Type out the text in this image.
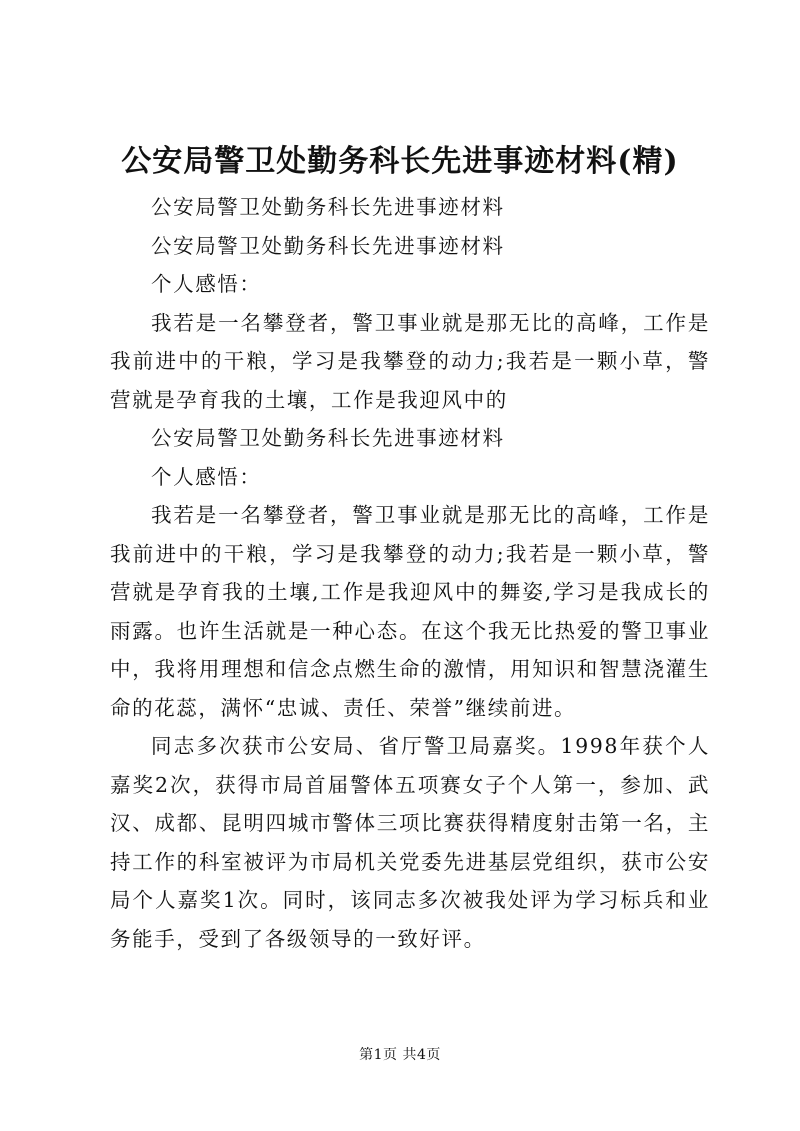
公安局警卫处勤务科长先进事迹材料(精)

公安局警卫处勤务科长先进事迹材料

公安局警卫处勤务科长先进事迹材料

个人感悟：

我若是一名攀登者，警卫事业就是那无比的高峰，工作是我前进中的干粮，学习是我攀登的动力;我若是一颗小草，警营就是孕育我的土壤，工作是我迎风中的

公安局警卫处勤务科长先进事迹材料

个人感悟：

我若是一名攀登者，警卫事业就是那无比的高峰，工作是我前进中的干粮，学习是我攀登的动力;我若是一颗小草，警营就是孕育我的土壤,工作是我迎风中的舞姿,学习是我成长的雨露。也许生活就是一种心态。在这个我无比热爱的警卫事业中，我将用理想和信念点燃生命的激情，用知识和智慧浇灌生命的花蕊，满怀“忠诚、责任、荣誉”继续前进。

同志多次获市公安局、省厅警卫局嘉奖。1998年获个人嘉奖2次，获得市局首届警体五项赛女子个人第一，参加、武汉、成都、昆明四城市警体三项比赛获得精度射击第一名，主持工作的科室被评为市局机关党委先进基层党组织，获市公安局个人嘉奖1次。同时，该同志多次被我处评为学习标兵和业务能手，受到了各级领导的一致好评。

第1页 共4页
